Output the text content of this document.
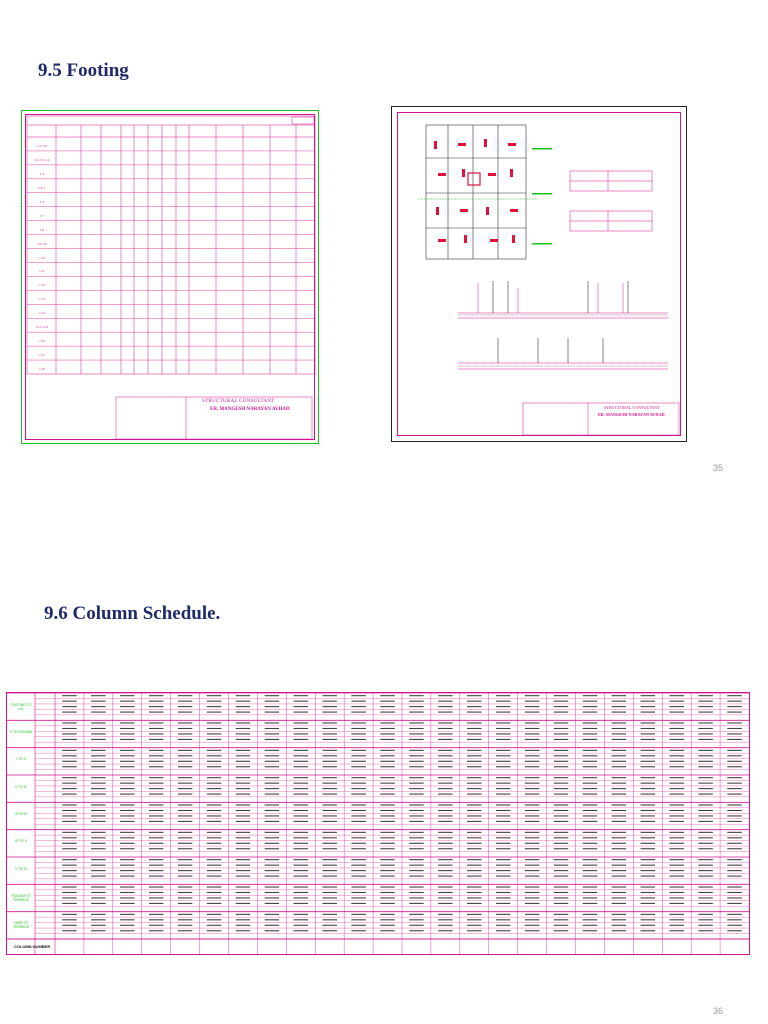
9.5 Footing
STRUCTURAL CONSULTANT
ER. MANGESH NARAYAN AVHAD
C1, C6
C2, C5, C4
C3
C3, C
C4
C7
C8
C9, C8
C10
C11
C12
C13
C14
C15, C16
C16
C17
C18
STRUCTURAL CONSULTANT
ER. MANGESH NARAYAN AVHAD
35
9.6 Column Schedule.
FOOTING TO LVL
P TO PODIUM
I TO II
II TO III
III TO IV
IV TO V
V TO VI
PODIUM TO TERRACE
TERR TO TERRACE
COLUMN NUMBER
36
